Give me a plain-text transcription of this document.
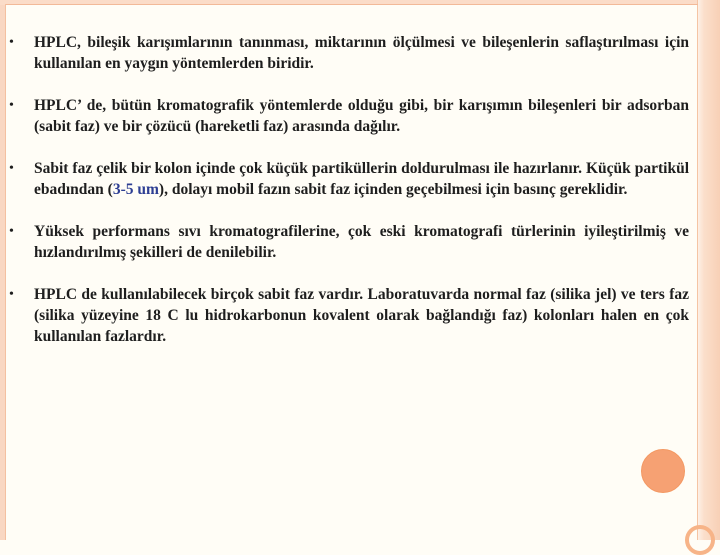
•	HPLC, bileşik karışımlarının tanınması, miktarının ölçülmesi ve bileşenlerin saflaştırılması için kullanılan en yaygın yöntemlerden biridir.
•	HPLC’ de, bütün kromatografik yöntemlerde olduğu gibi, bir karışımın bileşenleri bir adsorban (sabit faz) ve bir çözücü (hareketli faz) arasında dağılır.
•	Sabit faz çelik bir kolon içinde çok küçük partiküllerin doldurulması ile hazırlanır. Küçük partikül ebadından (3-5 um), dolayı mobil fazın sabit faz içinden geçebilmesi için basınç gereklidir.
•	Yüksek performans sıvı kromatografilerine, çok eski kromatografi türlerinin iyileştirilmiş ve hızlandırılmış şekilleri de denilebilir.
•	HPLC de kullanılabilecek birçok sabit faz vardır. Laboratuvarda normal faz (silika jel) ve ters faz (silika yüzeyine 18 C lu hidrokarbonun kovalent olarak bağlandığı faz) kolonları halen en çok kullanılan fazlardır.
